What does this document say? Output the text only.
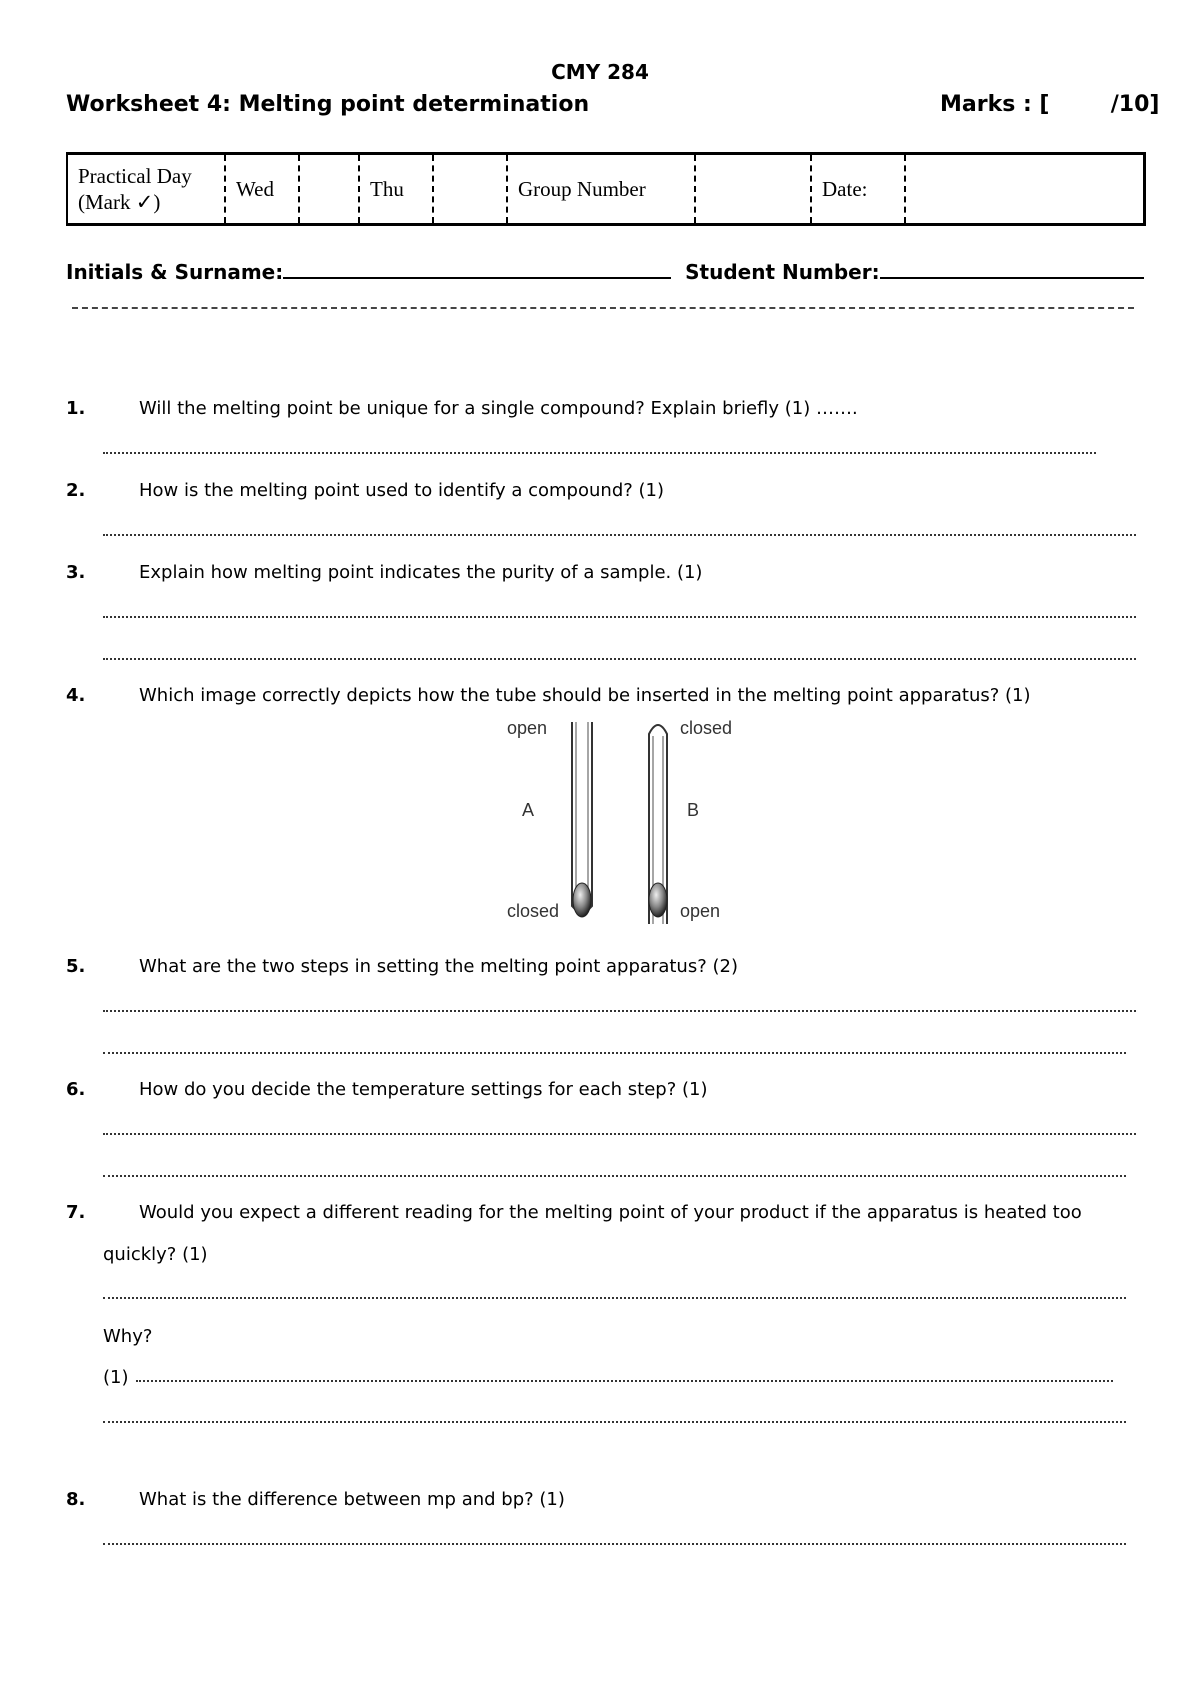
CMY 284
Worksheet 4: Melting point determination	Marks : [        /10]
Practical Day
(Mark ✓)
	Wed		Thu		Group Number		Date:	
Initials & Surname:	Student Number:
1.	Will the melting point be unique for a single compound? Explain briefly (1) …….
2.	How is the melting point used to identify a compound? (1)
3.	Explain how melting point indicates the purity of a sample. (1)
4.	Which image correctly depicts how the tube should be inserted in the melting point apparatus? (1)
open
A
closed
closed
B
open
5.	What are the two steps in setting the melting point apparatus? (2)
6.	How do you decide the temperature settings for each step? (1)
7.	Would you expect a different reading for the melting point of your product if the apparatus is heated too
quickly? (1)
Why?
(1)
8.	What is the difference between mp and bp? (1)
